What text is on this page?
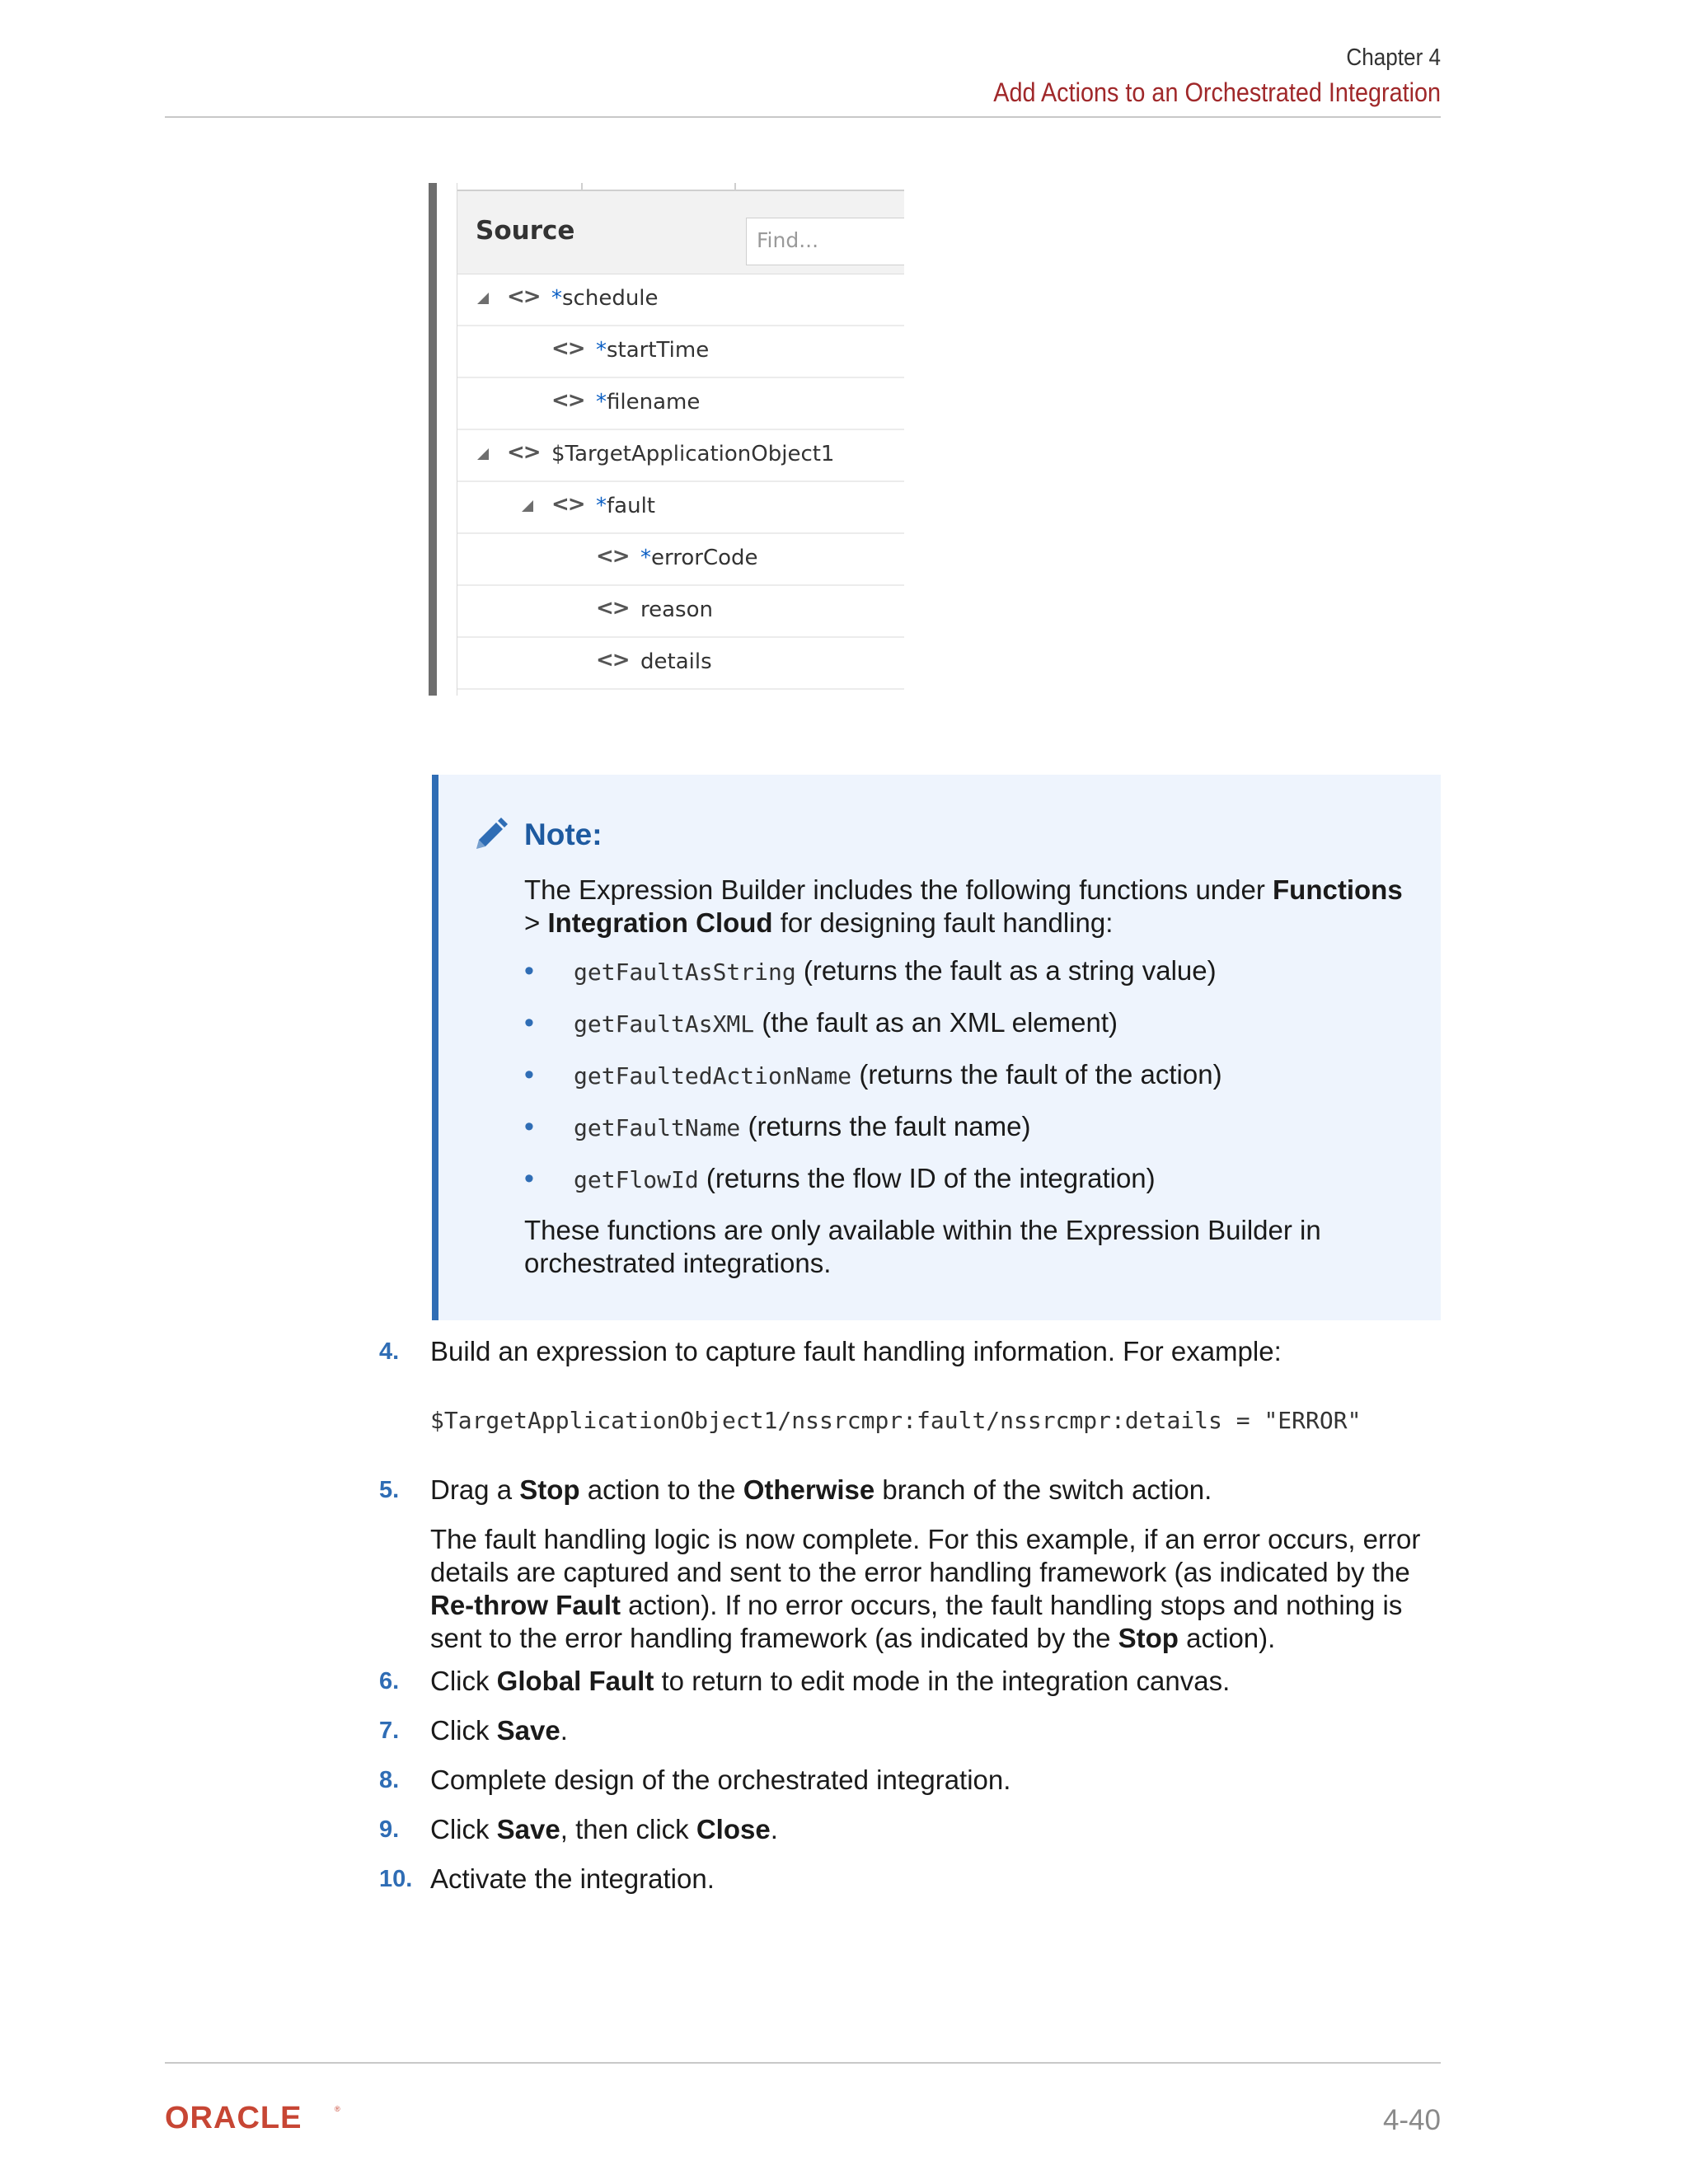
Chapter 4
Add Actions to an Orchestrated Integration
Source	Find...
<> *schedule
<> *startTime
<> *filename
<> $TargetApplicationObject1
<> *fault
<> *errorCode
<> reason
<> details
Note:

The Expression Builder includes the following functions under Functions
> Integration Cloud for designing fault handling:

• getFaultAsString (returns the fault as a string value)
• getFaultAsXML (the fault as an XML element)
• getFaultedActionName (returns the fault of the action)
• getFaultName (returns the fault name)
• getFlowId (returns the flow ID of the integration)

These functions are only available within the Expression Builder in orchestrated integrations.

4.	Build an expression to capture fault handling information. For example:
$TargetApplicationObject1/nssrcmpr:fault/nssrcmpr:details = "ERROR"
5.	Drag a Stop action to the Otherwise branch of the switch action.
The fault handling logic is now complete. For this example, if an error occurs, error details are captured and sent to the error handling framework (as indicated by the Re-throw Fault action). If no error occurs, the fault handling stops and nothing is sent to the error handling framework (as indicated by the Stop action).
6.	Click Global Fault to return to edit mode in the integration canvas.
7.	Click Save.
8.	Complete design of the orchestrated integration.
9.	Click Save, then click Close.
10. Activate the integration.
ORACLE	®	4-40
